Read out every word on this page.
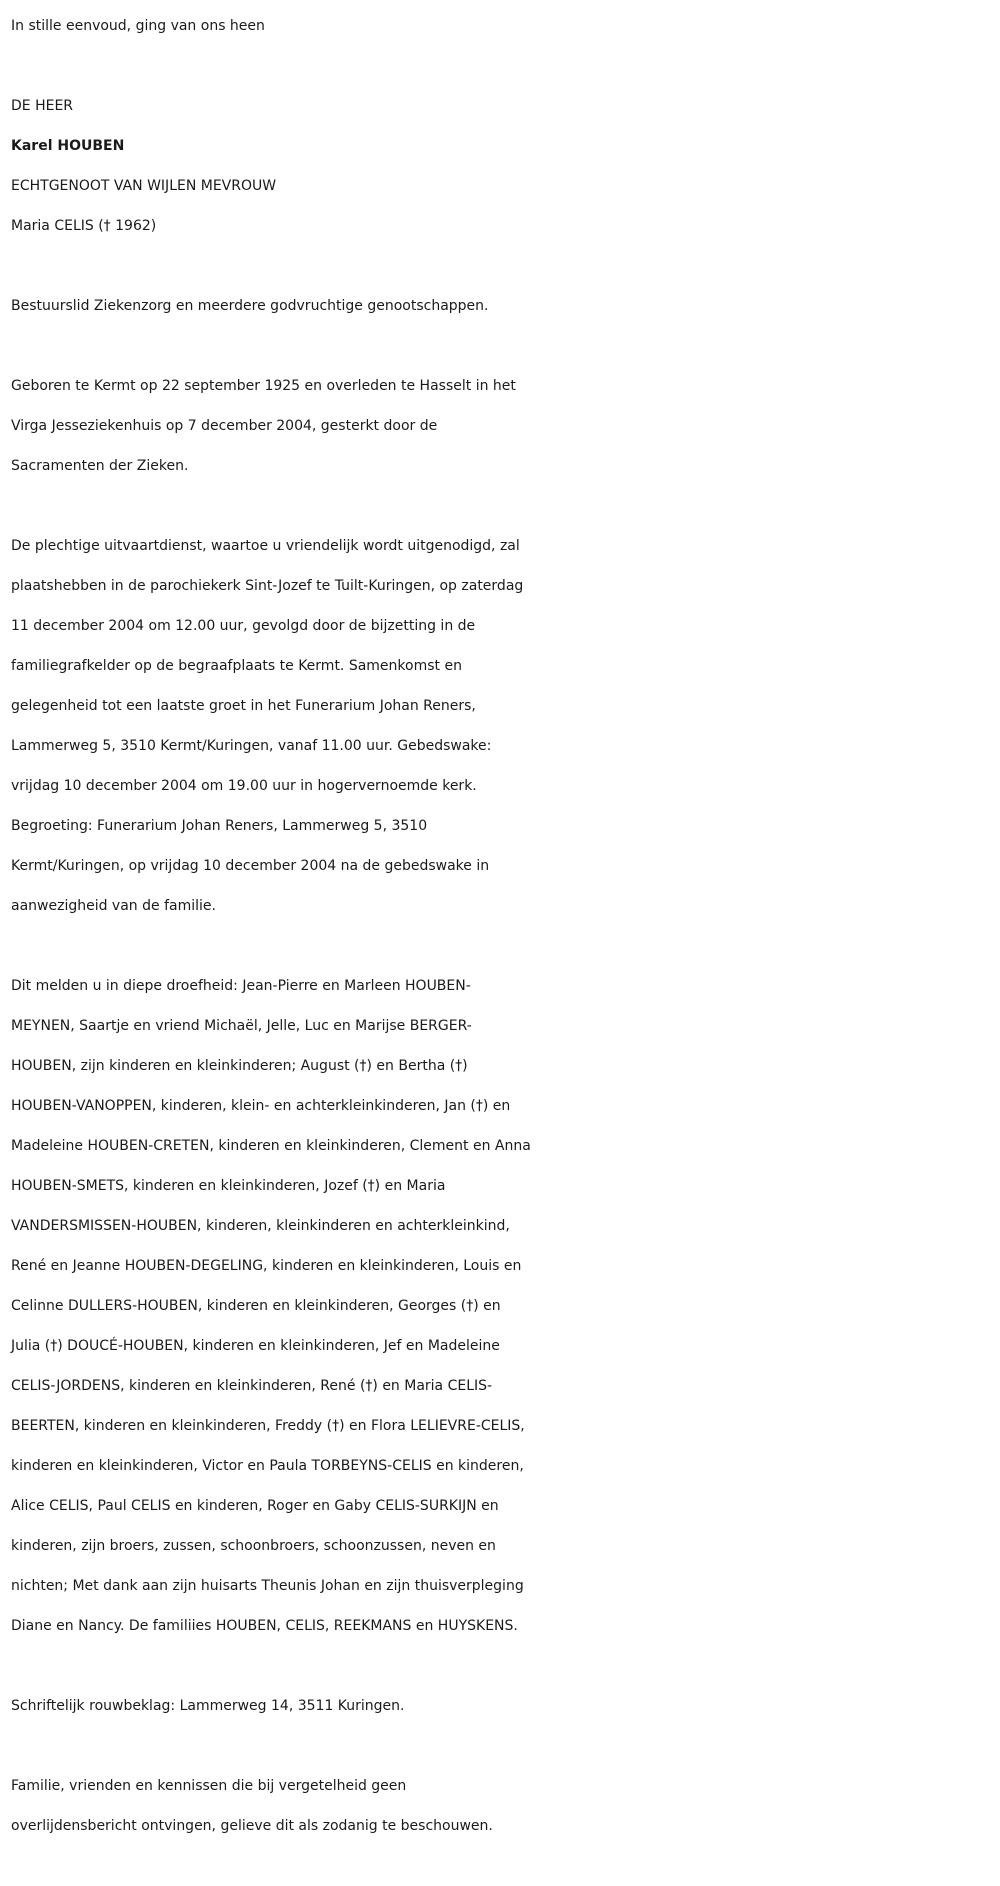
In stille eenvoud, ging van ons heen

DE HEER

Karel HOUBEN

ECHTGENOOT VAN WIJLEN MEVROUW

Maria CELIS († 1962)

Bestuurslid Ziekenzorg en meerdere godvruchtige genootschappen.

Geboren te Kermt op 22 september 1925 en overleden te Hasselt in het

Virga Jesseziekenhuis op 7 december 2004, gesterkt door de

Sacramenten der Zieken.

De plechtige uitvaartdienst, waartoe u vriendelijk wordt uitgenodigd, zal

plaatshebben in de parochiekerk Sint-Jozef te Tuilt-Kuringen, op zaterdag

11 december 2004 om 12.00 uur, gevolgd door de bijzetting in de

familiegrafkelder op de begraafplaats te Kermt. Samenkomst en

gelegenheid tot een laatste groet in het Funerarium Johan Reners,

Lammerweg 5, 3510 Kermt/Kuringen, vanaf 11.00 uur. Gebedswake:

vrijdag 10 december 2004 om 19.00 uur in hogervernoemde kerk.

Begroeting: Funerarium Johan Reners, Lammerweg 5, 3510

Kermt/Kuringen, op vrijdag 10 december 2004 na de gebedswake in

aanwezigheid van de familie.

Dit melden u in diepe droefheid: Jean-Pierre en Marleen HOUBEN-

MEYNEN, Saartje en vriend Michaël, Jelle, Luc en Marijse BERGER-

HOUBEN, zijn kinderen en kleinkinderen; August (†) en Bertha (†)

HOUBEN-VANOPPEN, kinderen, klein- en achterkleinkinderen, Jan (†) en

Madeleine HOUBEN-CRETEN, kinderen en kleinkinderen, Clement en Anna

HOUBEN-SMETS, kinderen en kleinkinderen, Jozef (†) en Maria

VANDERSMISSEN-HOUBEN, kinderen, kleinkinderen en achterkleinkind,

René en Jeanne HOUBEN-DEGELING, kinderen en kleinkinderen, Louis en

Celinne DULLERS-HOUBEN, kinderen en kleinkinderen, Georges (†) en

Julia (†) DOUCÉ-HOUBEN, kinderen en kleinkinderen, Jef en Madeleine

CELIS-JORDENS, kinderen en kleinkinderen, René (†) en Maria CELIS-

BEERTEN, kinderen en kleinkinderen, Freddy (†) en Flora LELIEVRE-CELIS,

kinderen en kleinkinderen, Victor en Paula TORBEYNS-CELIS en kinderen,

Alice CELIS, Paul CELIS en kinderen, Roger en Gaby CELIS-SURKIJN en

kinderen, zijn broers, zussen, schoonbroers, schoonzussen, neven en

nichten; Met dank aan zijn huisarts Theunis Johan en zijn thuisverpleging

Diane en Nancy. De familiies HOUBEN, CELIS, REEKMANS en HUYSKENS.

Schriftelijk rouwbeklag: Lammerweg 14, 3511 Kuringen.

Familie, vrienden en kennissen die bij vergetelheid geen

overlijdensbericht ontvingen, gelieve dit als zodanig te beschouwen.
